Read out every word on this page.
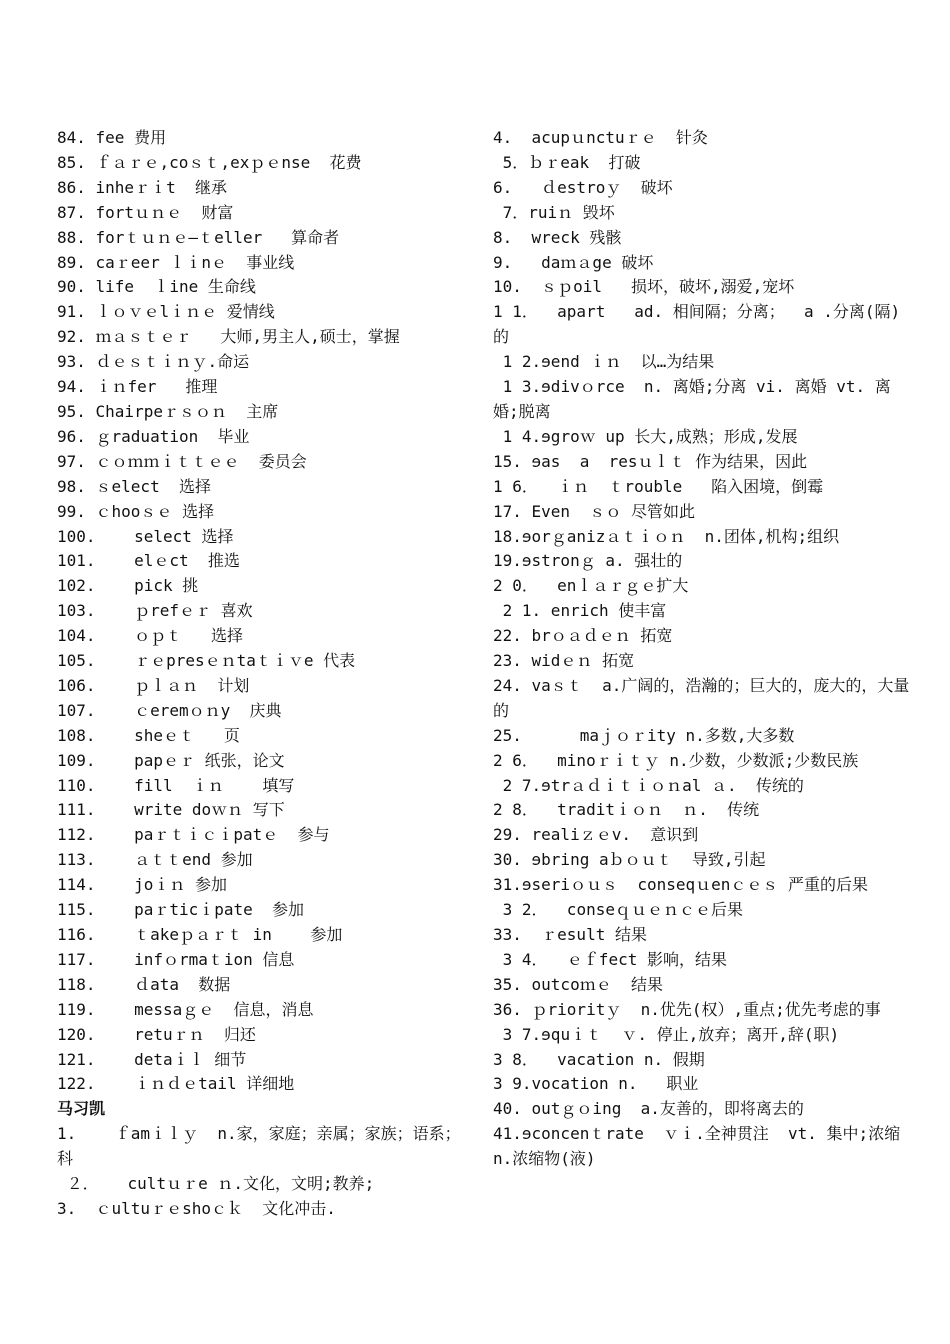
84. fee 费用

85. ｆａｒｅ,coｓｔ,exｐｅnse  花费

86. inheｒｉt  继承

87. fortｕｎｅ  财富

88. forｔｕｎｅ—ｔeller   算命者

89. caｒeer ｌｉnｅ  事业线

90. life  ｌine 生命线

91. ｌｏｖｅlｉｎｅ 爱情线

92. ｍａｓｔｅｒ   大师,男主人,硕士，掌握

93. ｄｅｓｔｉｎｙ.命运

94. ｉｎfer   推理

95. Chairpeｒｓｏｎ  主席

96. ｇraduation  毕业

97. ｃｏｍｍｉｔｔｅｅ  委员会

98. ｓelect  选择

99. ｃhooｓｅ 选择

100.    select 选择

101.    elｅct  推选

102.    pick 挑

103.    ｐrefｅｒ 喜欢

104.    ｏｐｔ   选择

105.    ｒｅpresｅｎtaｔｉｖe 代表

106.    ｐｌａｎ  计划

107.    ｃeremｏｎy  庆典

108.    sheｅｔ   页

109.    papｅｒ 纸张，论文

110.    fill  ｉｎ    填写

111.    write doｗｎ 写下

112.    paｒｔｉｃｉpatｅ  参与

113.    ａｔｔend 参加

114.    joｉｎ 参加

115.    paｒticｉpate  参加

116.    ｔakeｐａｒｔ in    参加

117.    infｏrmaｔion 信息

118.    ｄata  数据

119.    messaｇｅ  信息，消息

120.    retuｒｎ  归还

121.    detaｉｌ 细节

122.    ｉｎｄｅtail 详细地

马习凯

1.    ｆamｉｌｙ  n.家，家庭；亲属；家族；语系；科

２．   cultｕｒe ｎ.文化，文明;教养;

3.  ｃultuｒｅshoｃｋ  文化冲击.

4.  acupｕnctuｒｅ  针灸

5．ｂｒeak  打破

6.   ｄestroｙ  破坏

7．ruiｎ 毁坏

8.  wreck 残骸

9.   daｍａge 破坏

10.  ｓｐoil   损坏，破坏,溺爱,宠坏

1 1．  apart   ad. 相间隔；分离；  a .分离(隔)的

1 2.ɘend ｉｎ  以…为结果

1 3.ɘdivｏrce  n. 离婚;分离 vi. 离婚 vt. 离婚;脱离

1 4.ɘgroｗ up 长大,成熟；形成,发展

15. ɘas  a  resｕｌｔ 作为结果，因此

1 6．  ｉｎ  ｔrouble   陷入困境，倒霉

17. Even  ｓｏ 尽管如此

18.ɘorｇanizａｔｉｏｎ  n.团体,机构;组织

19.ɘstronｇ a. 强壮的

2 0．  enｌａｒｇｅ扩大

2 1. enrich 使丰富

22. brｏａｄｅｎ 拓宽

23. widｅｎ 拓宽

24. vaｓｔ  a.广阔的，浩瀚的；巨大的，庞大的，大量的

25.      maｊｏｒity n.多数,大多数

2 6．  minoｒｉｔｙ n.少数，少数派;少数民族

2 7.ɘtrａｄｉｔｉｏｎal ａ.  传统的

2 8．  traditｉｏｎ  ｎ.  传统

29. realiｚｅv.  意识到

30. ɘbring aｂｏｕｔ  导致,引起

31.ɘseriｏｕｓ  conseqｕenｃｅｓ 严重的后果

3 2．  conseｑｕｅｎｃｅ后果

33.  ｒesult 结果

3 4．  ｅｆfect 影响，结果

35. outcoｍｅ  结果

36. ｐrioritｙ  n.优先(权）,重点;优先考虑的事

3 7.ɘquｉｔ  ｖ. 停止,放弃；离开,辞(职)

3 8．  vacation n. 假期

3 9.vocation n.   职业

40. outｇｏing  a.友善的，即将离去的

41.ɘconcenｔrate  ｖｉ.全神贯注  vt. 集中;浓缩 n.浓缩物(液)
